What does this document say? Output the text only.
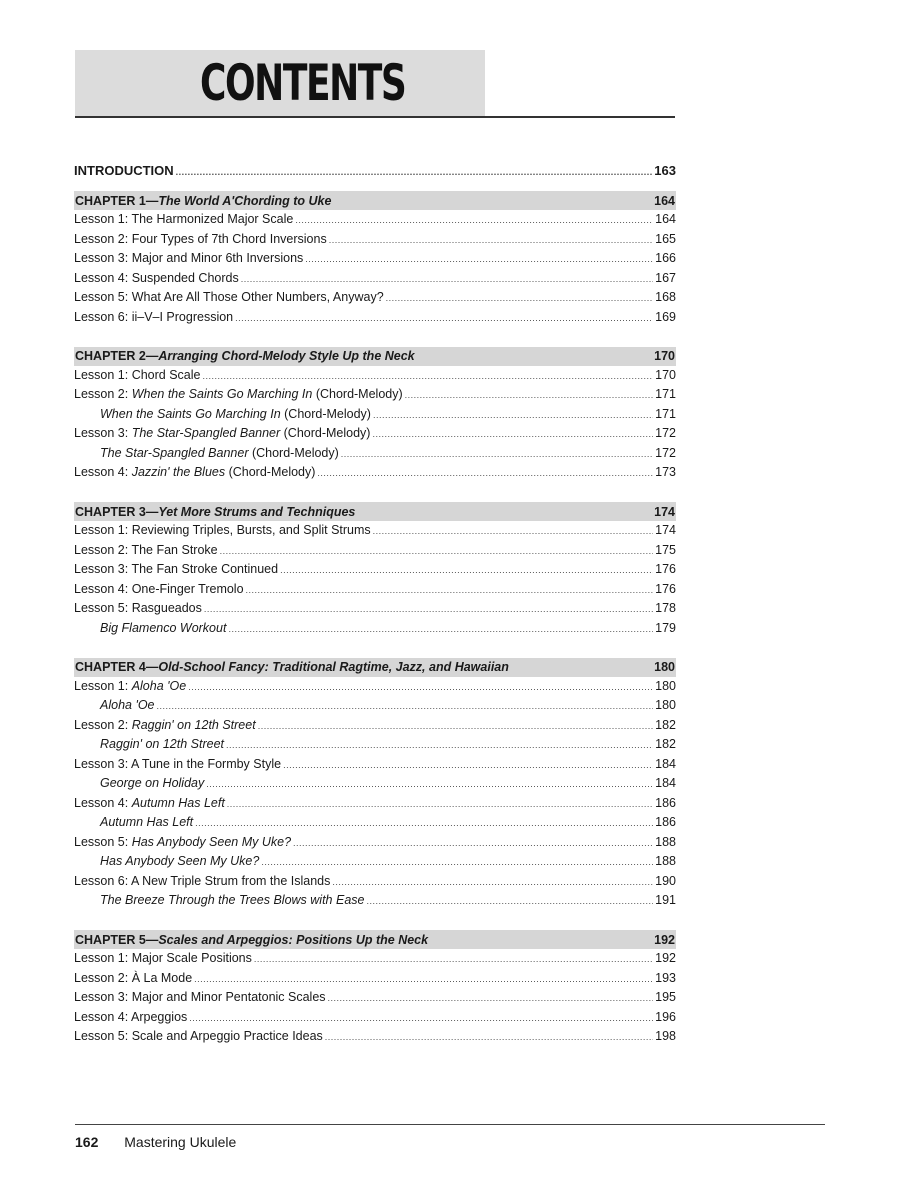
CONTENTS
INTRODUCTION .....	163
CHAPTER 1—The World A'Chording to Uke	164
Lesson 1: The Harmonized Major Scale .....	164
Lesson 2: Four Types of 7th Chord Inversions .....	165
Lesson 3: Major and Minor 6th Inversions .....	166
Lesson 4: Suspended Chords .....	167
Lesson 5: What Are All Those Other Numbers, Anyway? .....	168
Lesson 6: ii–V–I Progression .....	169
CHAPTER 2—Arranging Chord-Melody Style Up the Neck	170
Lesson 1: Chord Scale .....	170
Lesson 2: When the Saints Go Marching In (Chord-Melody) .....	171
When the Saints Go Marching In (Chord-Melody) .....	171
Lesson 3: The Star-Spangled Banner (Chord-Melody) .....	172
The Star-Spangled Banner (Chord-Melody) .....	172
Lesson 4: Jazzin' the Blues (Chord-Melody) .....	173
CHAPTER 3—Yet More Strums and Techniques	174
Lesson 1: Reviewing Triples, Bursts, and Split Strums .....	174
Lesson 2: The Fan Stroke .....	175
Lesson 3: The Fan Stroke Continued .....	176
Lesson 4: One-Finger Tremolo .....	176
Lesson 5: Rasgueados .....	178
Big Flamenco Workout .....	179
CHAPTER 4—Old-School Fancy: Traditional Ragtime, Jazz, and Hawaiian	180
Lesson 1: Aloha 'Oe .....	180
Aloha 'Oe .....	180
Lesson 2: Raggin' on 12th Street .....	182
Raggin' on 12th Street .....	182
Lesson 3: A Tune in the Formby Style .....	184
George on Holiday .....	184
Lesson 4: Autumn Has Left .....	186
Autumn Has Left .....	186
Lesson 5: Has Anybody Seen My Uke? .....	188
Has Anybody Seen My Uke? .....	188
Lesson 6: A New Triple Strum from the Islands .....	190
The Breeze Through the Trees Blows with Ease .....	191
CHAPTER 5—Scales and Arpeggios: Positions Up the Neck	192
Lesson 1: Major Scale Positions .....	192
Lesson 2: À La Mode .....	193
Lesson 3: Major and Minor Pentatonic Scales .....	195
Lesson 4: Arpeggios .....	196
Lesson 5: Scale and Arpeggio Practice Ideas .....	198
162 Mastering Ukulele
